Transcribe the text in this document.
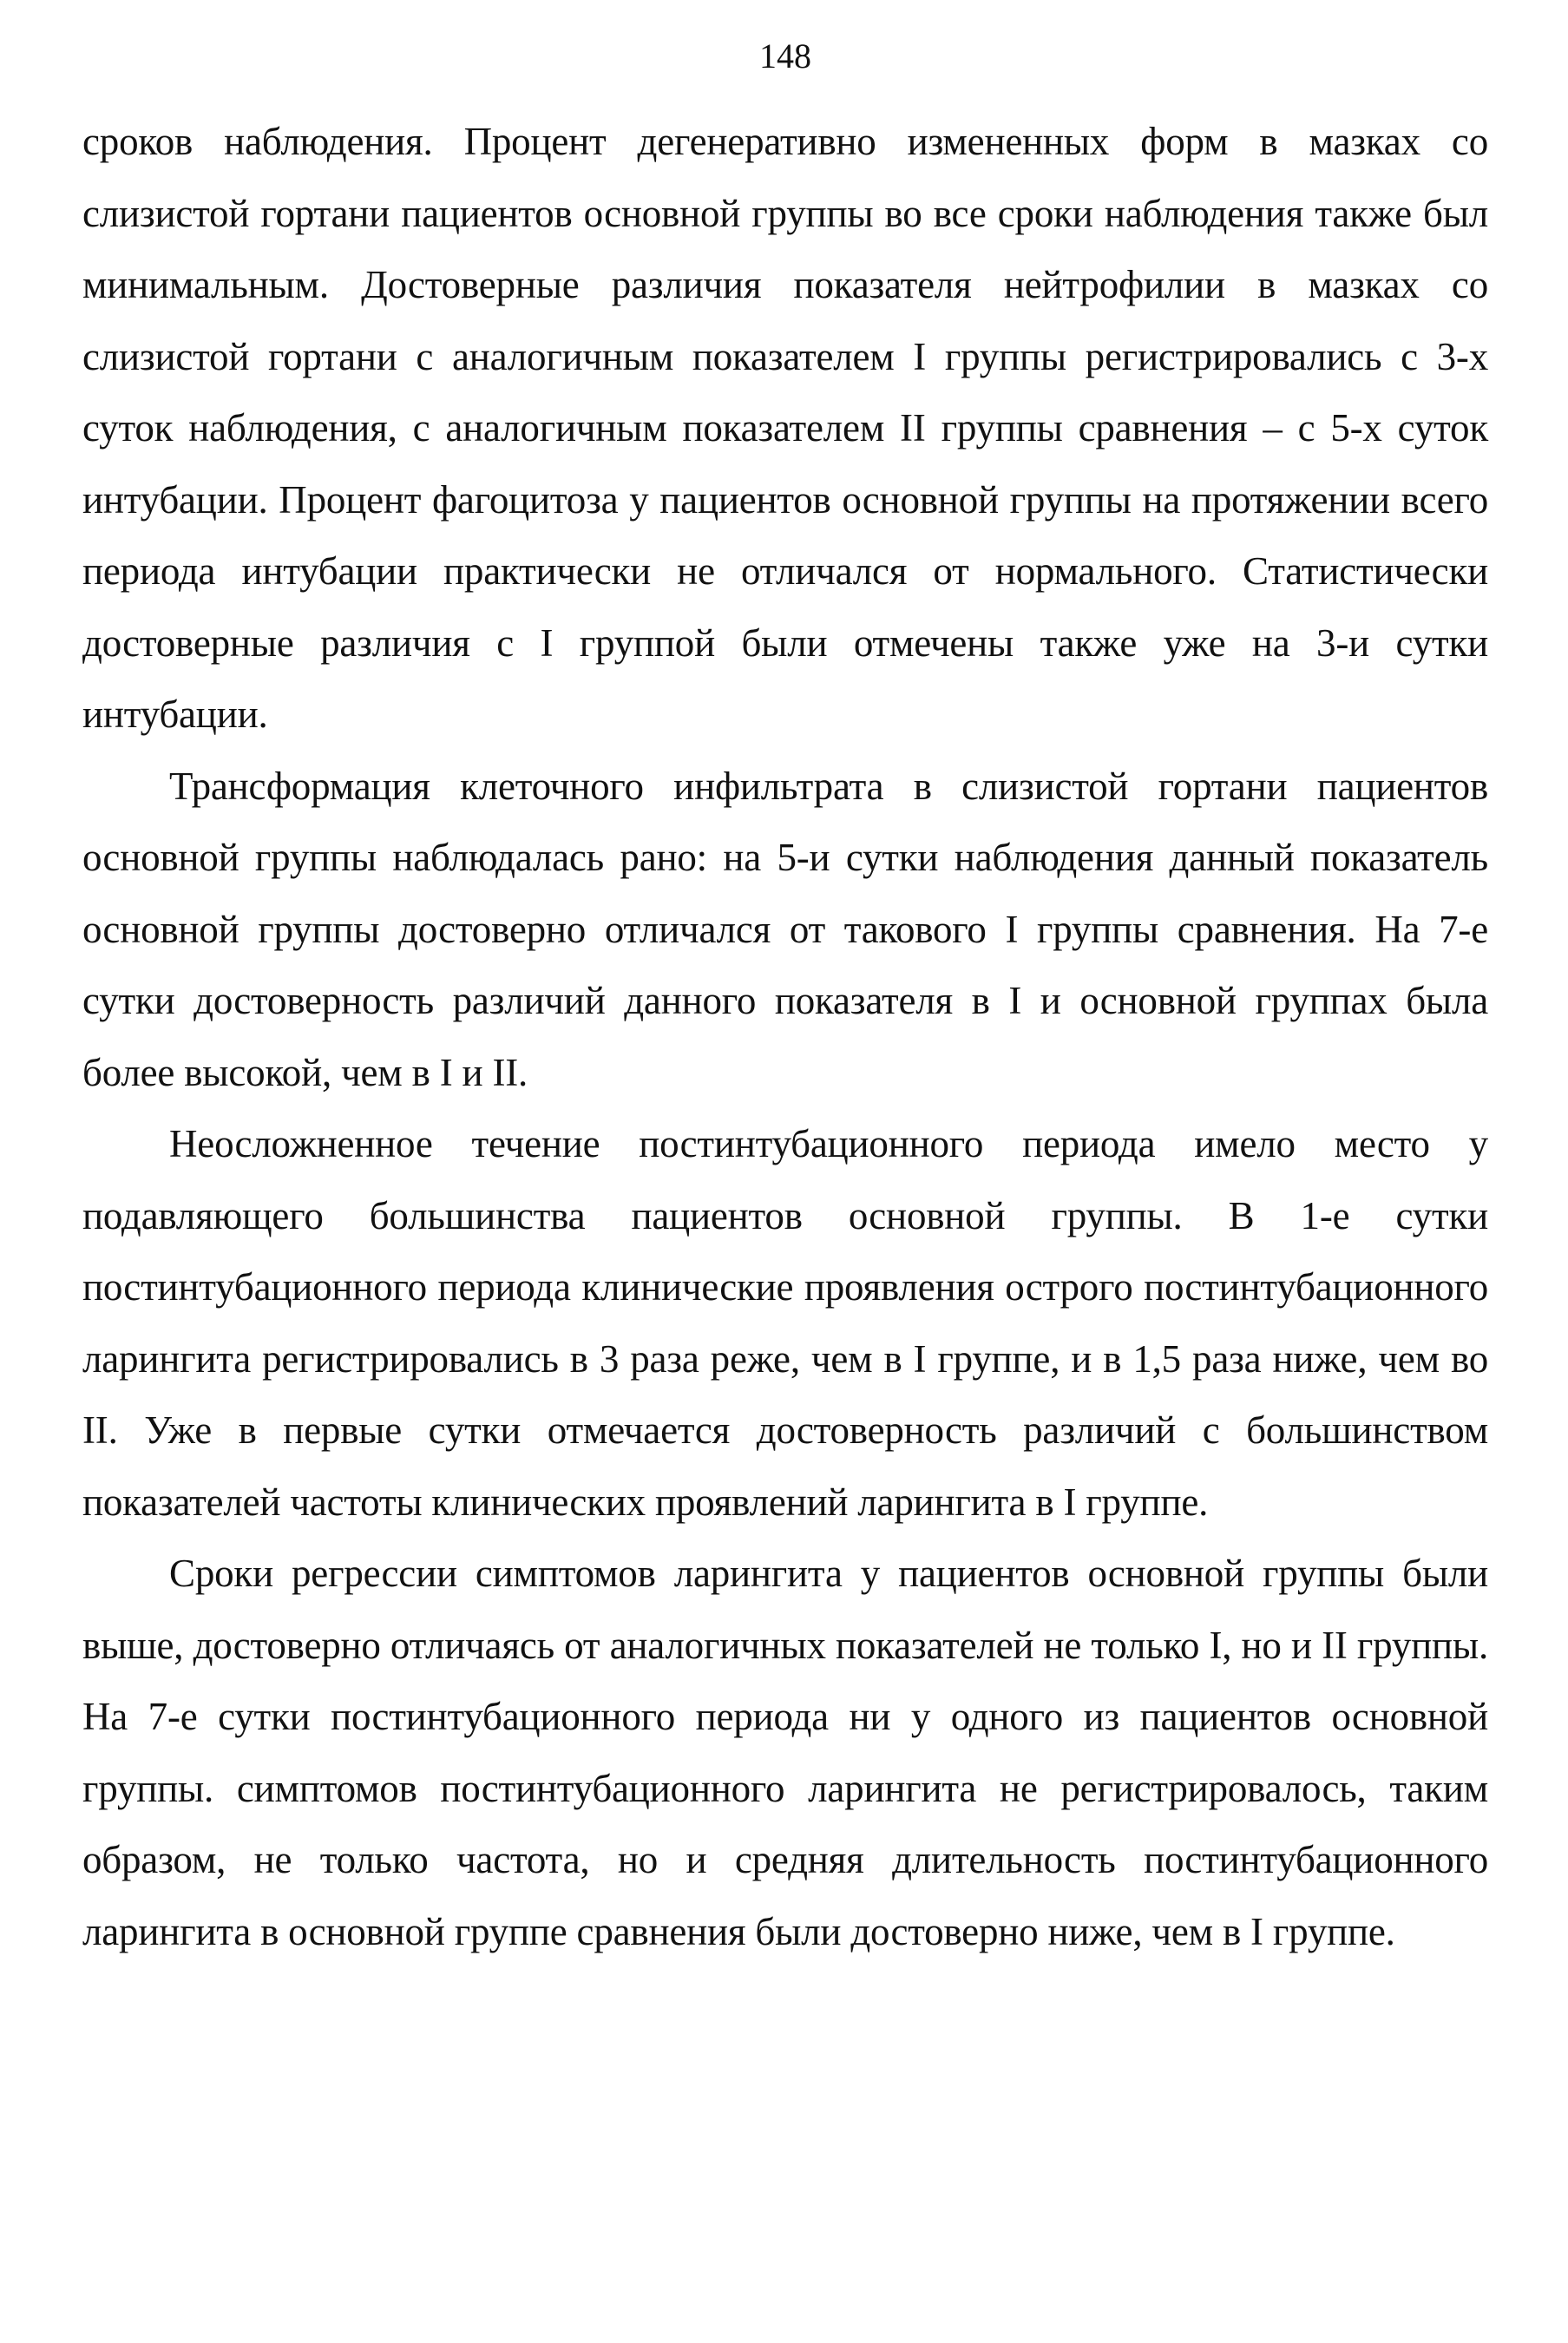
148

сроков наблюдения. Процент дегенеративно измененных форм в мазках со слизистой гортани пациентов основной группы во все сроки наблюдения также был минимальным. Достоверные различия показателя нейтрофилии в мазках со слизистой гортани с аналогичным показателем I группы регистрировались с 3-х суток наблюдения, с аналогичным показателем II группы сравнения – с 5-х суток интубации. Процент фагоцитоза у пациентов основной группы на протяжении всего периода интубации практически не отличался от нормального. Статистически достоверные различия с I группой были отмечены также уже на 3-и сутки интубации.

Трансформация клеточного инфильтрата в слизистой гортани пациентов основной группы наблюдалась рано: на 5-и сутки наблюдения данный показатель основной группы достоверно отличался от такового I группы сравнения. На 7-е сутки достоверность различий данного показателя в I и основной группах была более высокой, чем в I и II.

Неосложненное течение постинтубационного периода имело место у подавляющего большинства пациентов основной группы. В 1-е сутки постинтубационного периода клинические проявления острого постинтубационного ларингита регистрировались в 3 раза реже, чем в I группе, и в 1,5 раза ниже, чем во II. Уже в первые сутки отмечается достоверность различий с большинством показателей частоты клинических проявлений ларингита в I группе.

Сроки регрессии симптомов ларингита у пациентов основной группы были выше, достоверно отличаясь от аналогичных показателей не только I, но и II группы. На 7-е сутки постинтубационного периода ни у одного из пациентов основной группы. симптомов постинтубационного ларингита не регистрировалось, таким образом, не только частота, но и средняя длительность постинтубационного ларингита в основной группе сравнения были достоверно ниже, чем в I группе.
